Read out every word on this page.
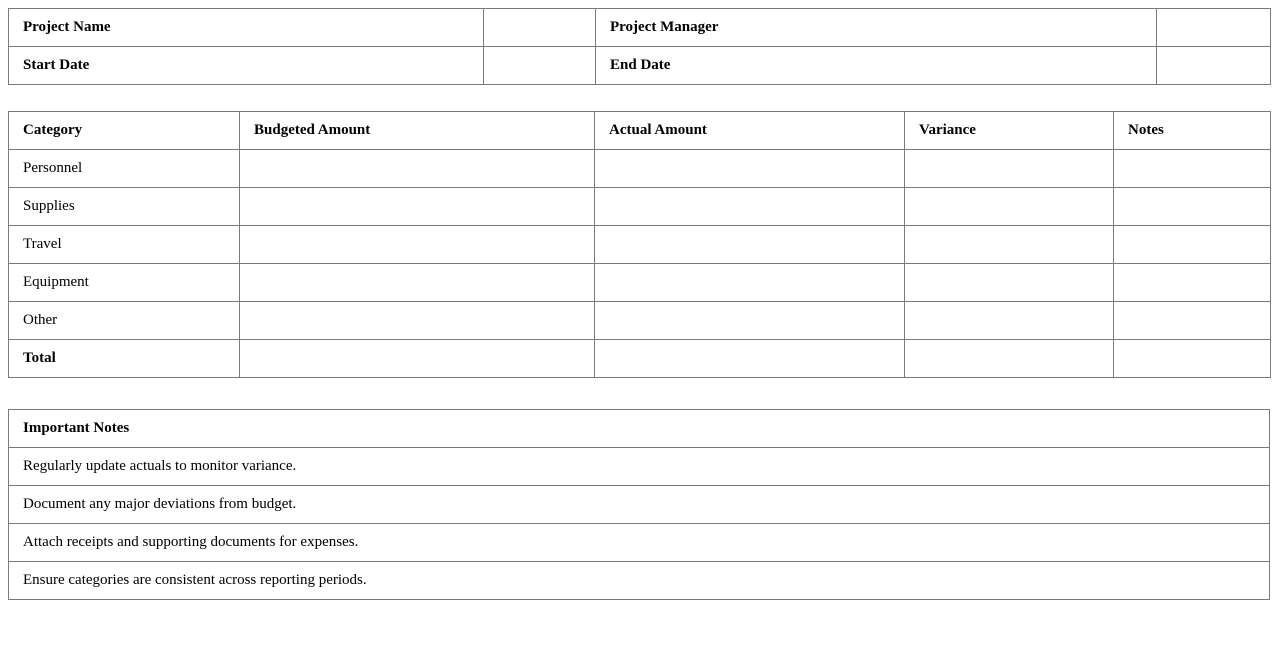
Project Name		Project Manager	
Start Date		End Date	
Category	Budgeted Amount	Actual Amount	Variance	Notes
Personnel				
Supplies				
Travel				
Equipment				
Other				
Total				
Important Notes
Regularly update actuals to monitor variance.
Document any major deviations from budget.
Attach receipts and supporting documents for expenses.
Ensure categories are consistent across reporting periods.
